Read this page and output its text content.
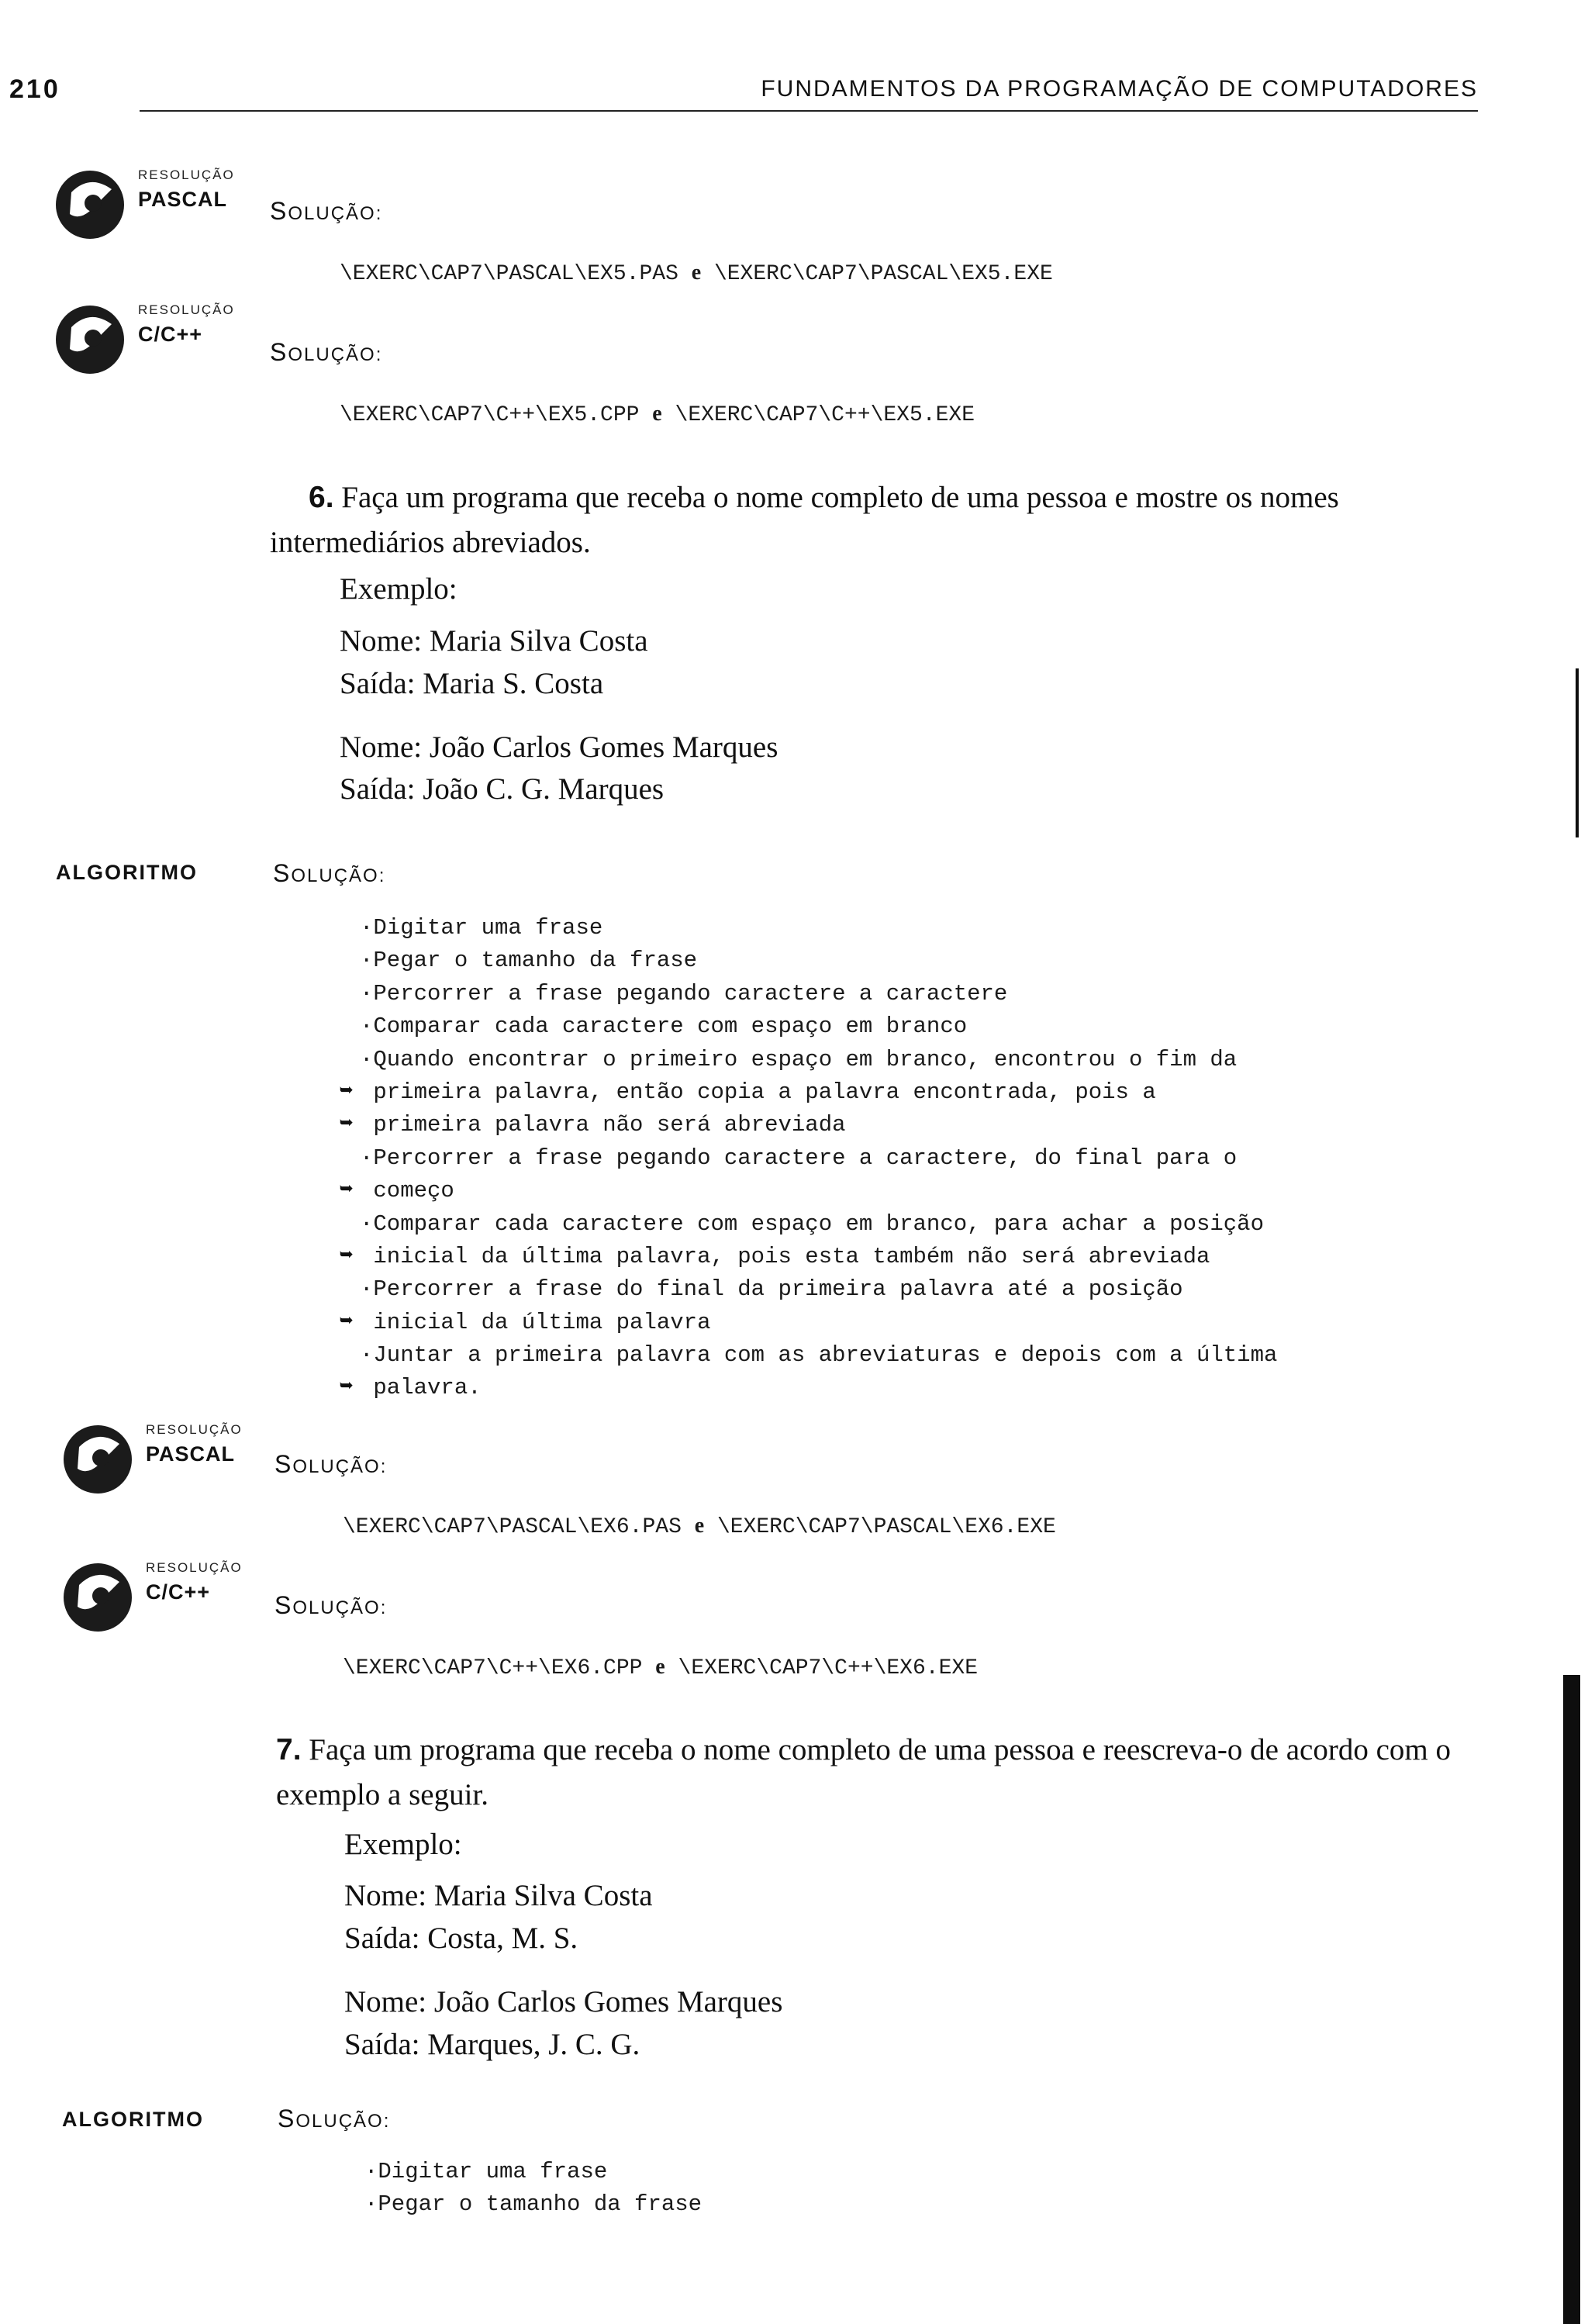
210	FUNDAMENTOS DA PROGRAMAÇÃO DE COMPUTADORES
RESOLUÇÃO
PASCAL SOLUÇÃO:
\EXERC\CAP7\PASCAL\EX5.PAS e \EXERC\CAP7\PASCAL\EX5.EXE
RESOLUÇÃO
C/C++
SOLUÇÃO:
\EXERC\CAP7\C++\EX5.CPP e \EXERC\CAP7\C++\EX5.EXE
6. Faça um programa que receba o nome completo de uma pessoa e mostre os nomes intermediários abreviados.
Exemplo:
Nome: Maria Silva Costa
Saída: Maria S. Costa
Nome: João Carlos Gomes Marques
Saída: João C. G. Marques
ALGORITMO	SOLUÇÃO:
·Digitar uma frase
·Pegar o tamanho da frase
·Percorrer a frase pegando caractere a caractere
·Comparar cada caractere com espaço em branco
·Quando encontrar o primeiro espaço em branco, encontrou o fim da
➥ primeira palavra, então copia a palavra encontrada, pois a
➥ primeira palavra não será abreviada
·Percorrer a frase pegando caractere a caractere, do final para o
➥ começo
·Comparar cada caractere com espaço em branco, para achar a posição
➥ inicial da última palavra, pois esta também não será abreviada
·Percorrer a frase do final da primeira palavra até a posição
➥ inicial da última palavra
·Juntar a primeira palavra com as abreviaturas e depois com a última
➥ palavra.
RESOLUÇÃO
PASCAL SOLUÇÃO:
\EXERC\CAP7\PASCAL\EX6.PAS e \EXERC\CAP7\PASCAL\EX6.EXE
RESOLUÇÃO
C/C++	SOLUÇÃO:
\EXERC\CAP7\C++\EX6.CPP e \EXERC\CAP7\C++\EX6.EXE
7. Faça um programa que receba o nome completo de uma pessoa e reescreva-o de acordo com o exemplo a seguir.
Exemplo:
Nome: Maria Silva Costa
Saída: Costa, M. S.
Nome: João Carlos Gomes Marques
Saída: Marques, J. C. G.
ALGORITMO	SOLUÇÃO:
·Digitar uma frase
·Pegar o tamanho da frase
